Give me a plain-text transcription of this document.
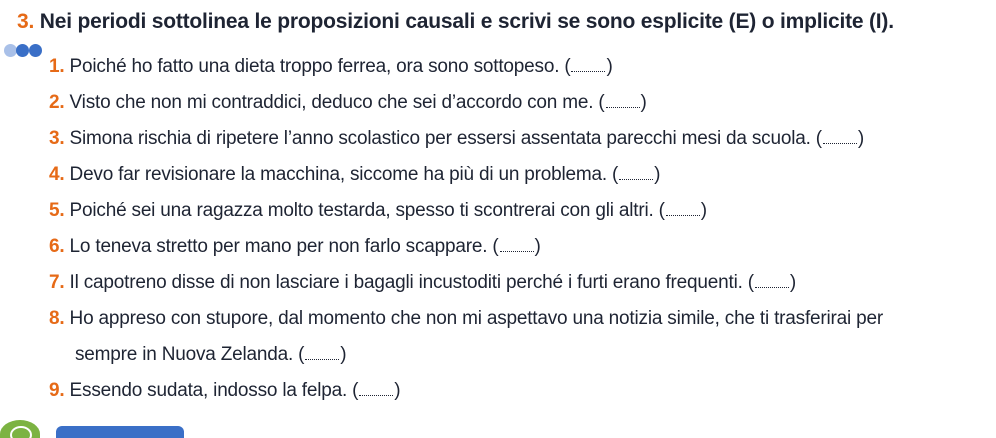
3. Nei periodi sottolinea le proposizioni causali e scrivi se sono esplicite (E) o implicite (I).
1. Poiché ho fatto una dieta troppo ferrea, ora sono sottopeso. ( )
2. Visto che non mi contraddici, deduco che sei d’accordo con me. ( )
3. Simona rischia di ripetere l’anno scolastico per essersi assentata parecchi mesi da scuola. ( )
4. Devo far revisionare la macchina, siccome ha più di un problema. ( )
5. Poiché sei una ragazza molto testarda, spesso ti scontrerai con gli altri. ( )
6. Lo teneva stretto per mano per non farlo scappare. ( )
7. Il capotreno disse di non lasciare i bagagli incustoditi perché i furti erano frequenti. ( )
8. Ho appreso con stupore, dal momento che non mi aspettavo una notizia simile, che ti trasferirai per
sempre in Nuova Zelanda. ( )
9. Essendo sudata, indosso la felpa. ( )
